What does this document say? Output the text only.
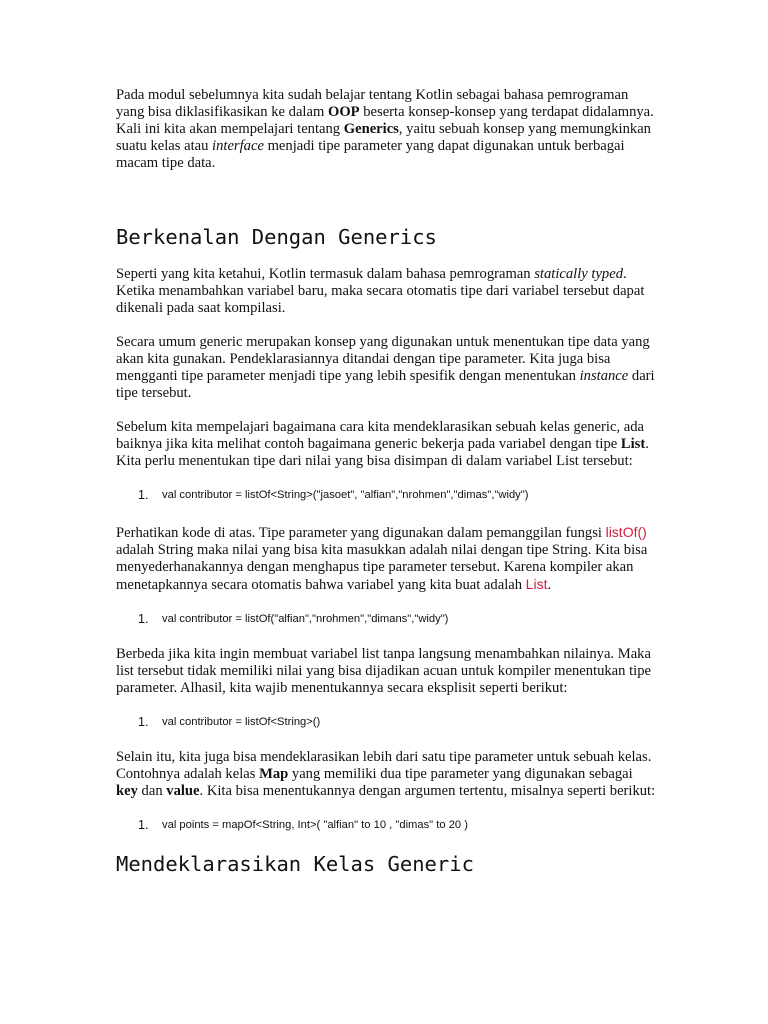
Pada modul sebelumnya kita sudah belajar tentang Kotlin sebagai bahasa pemrograman yang bisa diklasifikasikan ke dalam OOP beserta konsep-konsep yang terdapat didalamnya. Kali ini kita akan mempelajari tentang Generics, yaitu sebuah konsep yang memungkinkan suatu kelas atau interface menjadi tipe parameter yang dapat digunakan untuk berbagai macam tipe data.

Berkenalan Dengan Generics

Seperti yang kita ketahui, Kotlin termasuk dalam bahasa pemrograman statically typed. Ketika menambahkan variabel baru, maka secara otomatis tipe dari variabel tersebut dapat dikenali pada saat kompilasi.

Secara umum generic merupakan konsep yang digunakan untuk menentukan tipe data yang akan kita gunakan. Pendeklarasiannya ditandai dengan tipe parameter. Kita juga bisa mengganti tipe parameter menjadi tipe yang lebih spesifik dengan menentukan instance dari tipe tersebut.

Sebelum kita mempelajari bagaimana cara kita mendeklarasikan sebuah kelas generic, ada baiknya jika kita melihat contoh bagaimana generic bekerja pada variabel dengan tipe List. Kita perlu menentukan tipe dari nilai yang bisa disimpan di dalam variabel List tersebut:

1. val contributor = listOf<String>("jasoet", "alfian","nrohmen","dimas","widy")

Perhatikan kode di atas. Tipe parameter yang digunakan dalam pemanggilan fungsi listOf() adalah String maka nilai yang bisa kita masukkan adalah nilai dengan tipe String. Kita bisa menyederhanakannya dengan menghapus tipe parameter tersebut. Karena kompiler akan menetapkannya secara otomatis bahwa variabel yang kita buat adalah List.

1. val contributor = listOf("alfian","nrohmen","dimans","widy")

Berbeda jika kita ingin membuat variabel list tanpa langsung menambahkan nilainya. Maka list tersebut tidak memiliki nilai yang bisa dijadikan acuan untuk kompiler menentukan tipe parameter. Alhasil, kita wajib menentukannya secara eksplisit seperti berikut:

1. val contributor = listOf<String>()

Selain itu, kita juga bisa mendeklarasikan lebih dari satu tipe parameter untuk sebuah kelas. Contohnya adalah kelas Map yang memiliki dua tipe parameter yang digunakan sebagai key dan value. Kita bisa menentukannya dengan argumen tertentu, misalnya seperti berikut:

1. val points = mapOf<String, Int>( "alfian" to 10 , "dimas" to 20 )
Mendeklarasikan Kelas Generic
